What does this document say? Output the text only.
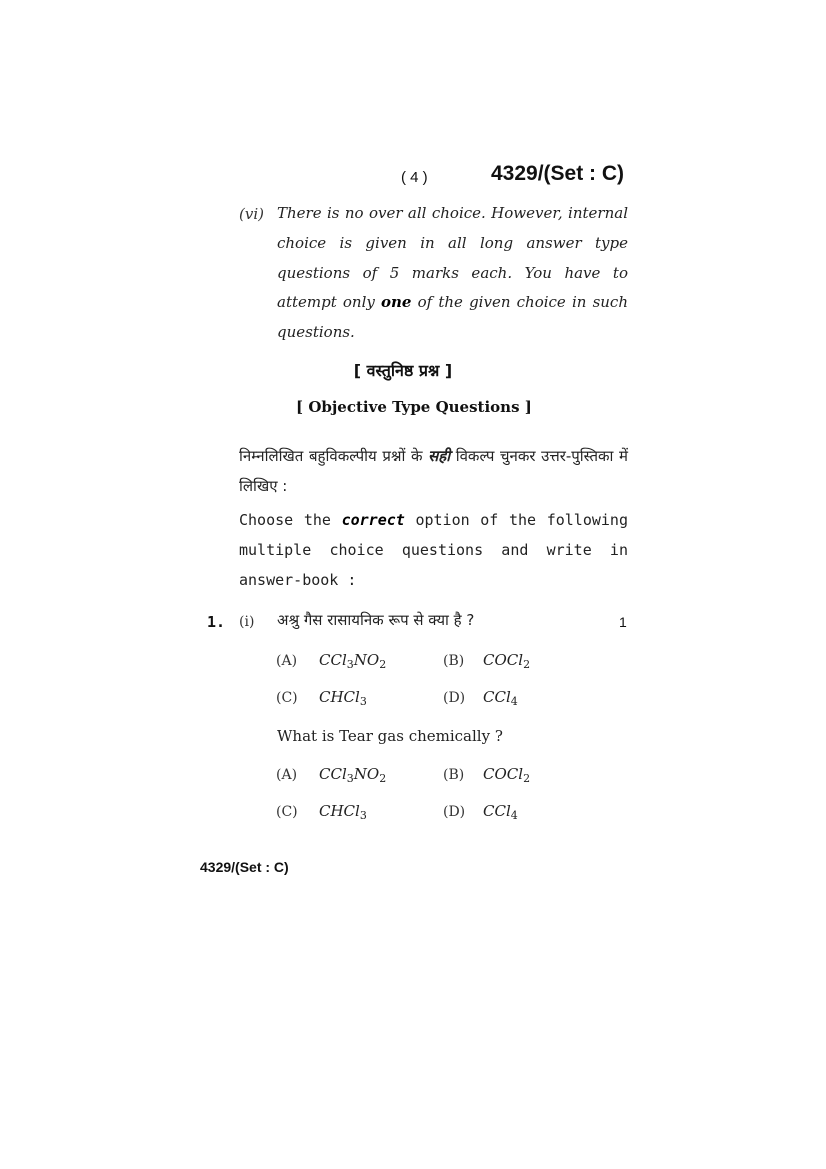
( 4 )	4329/(Set : C)
(vi) There is no over all choice. However, internal choice is given in all long answer type questions of 5 marks each. You have to attempt only one of the given choice in such questions.
[ वस्तुनिष्ठ प्रश्न ]
[ Objective Type Questions ]
निम्नलिखित बहुविकल्पीय प्रश्नों के सही विकल्प चुनकर उत्तर-पुस्तिका में लिखिए :
Choose the correct option of the following multiple choice questions and write in answer-book :
1. (i) अश्रु गैस रासायनिक रूप से क्या है ?	1
(A) $CCl_3NO_2$	(B) COCl$_2$
(C) CHCl$_3$	(D) CCl$_4$
What is Tear gas chemically ?
(A) $CCl_3NO_2$	(B) COCl$_2$
(C) CHCl$_3$	(D) CCl$_4$
4329/(Set : C)
